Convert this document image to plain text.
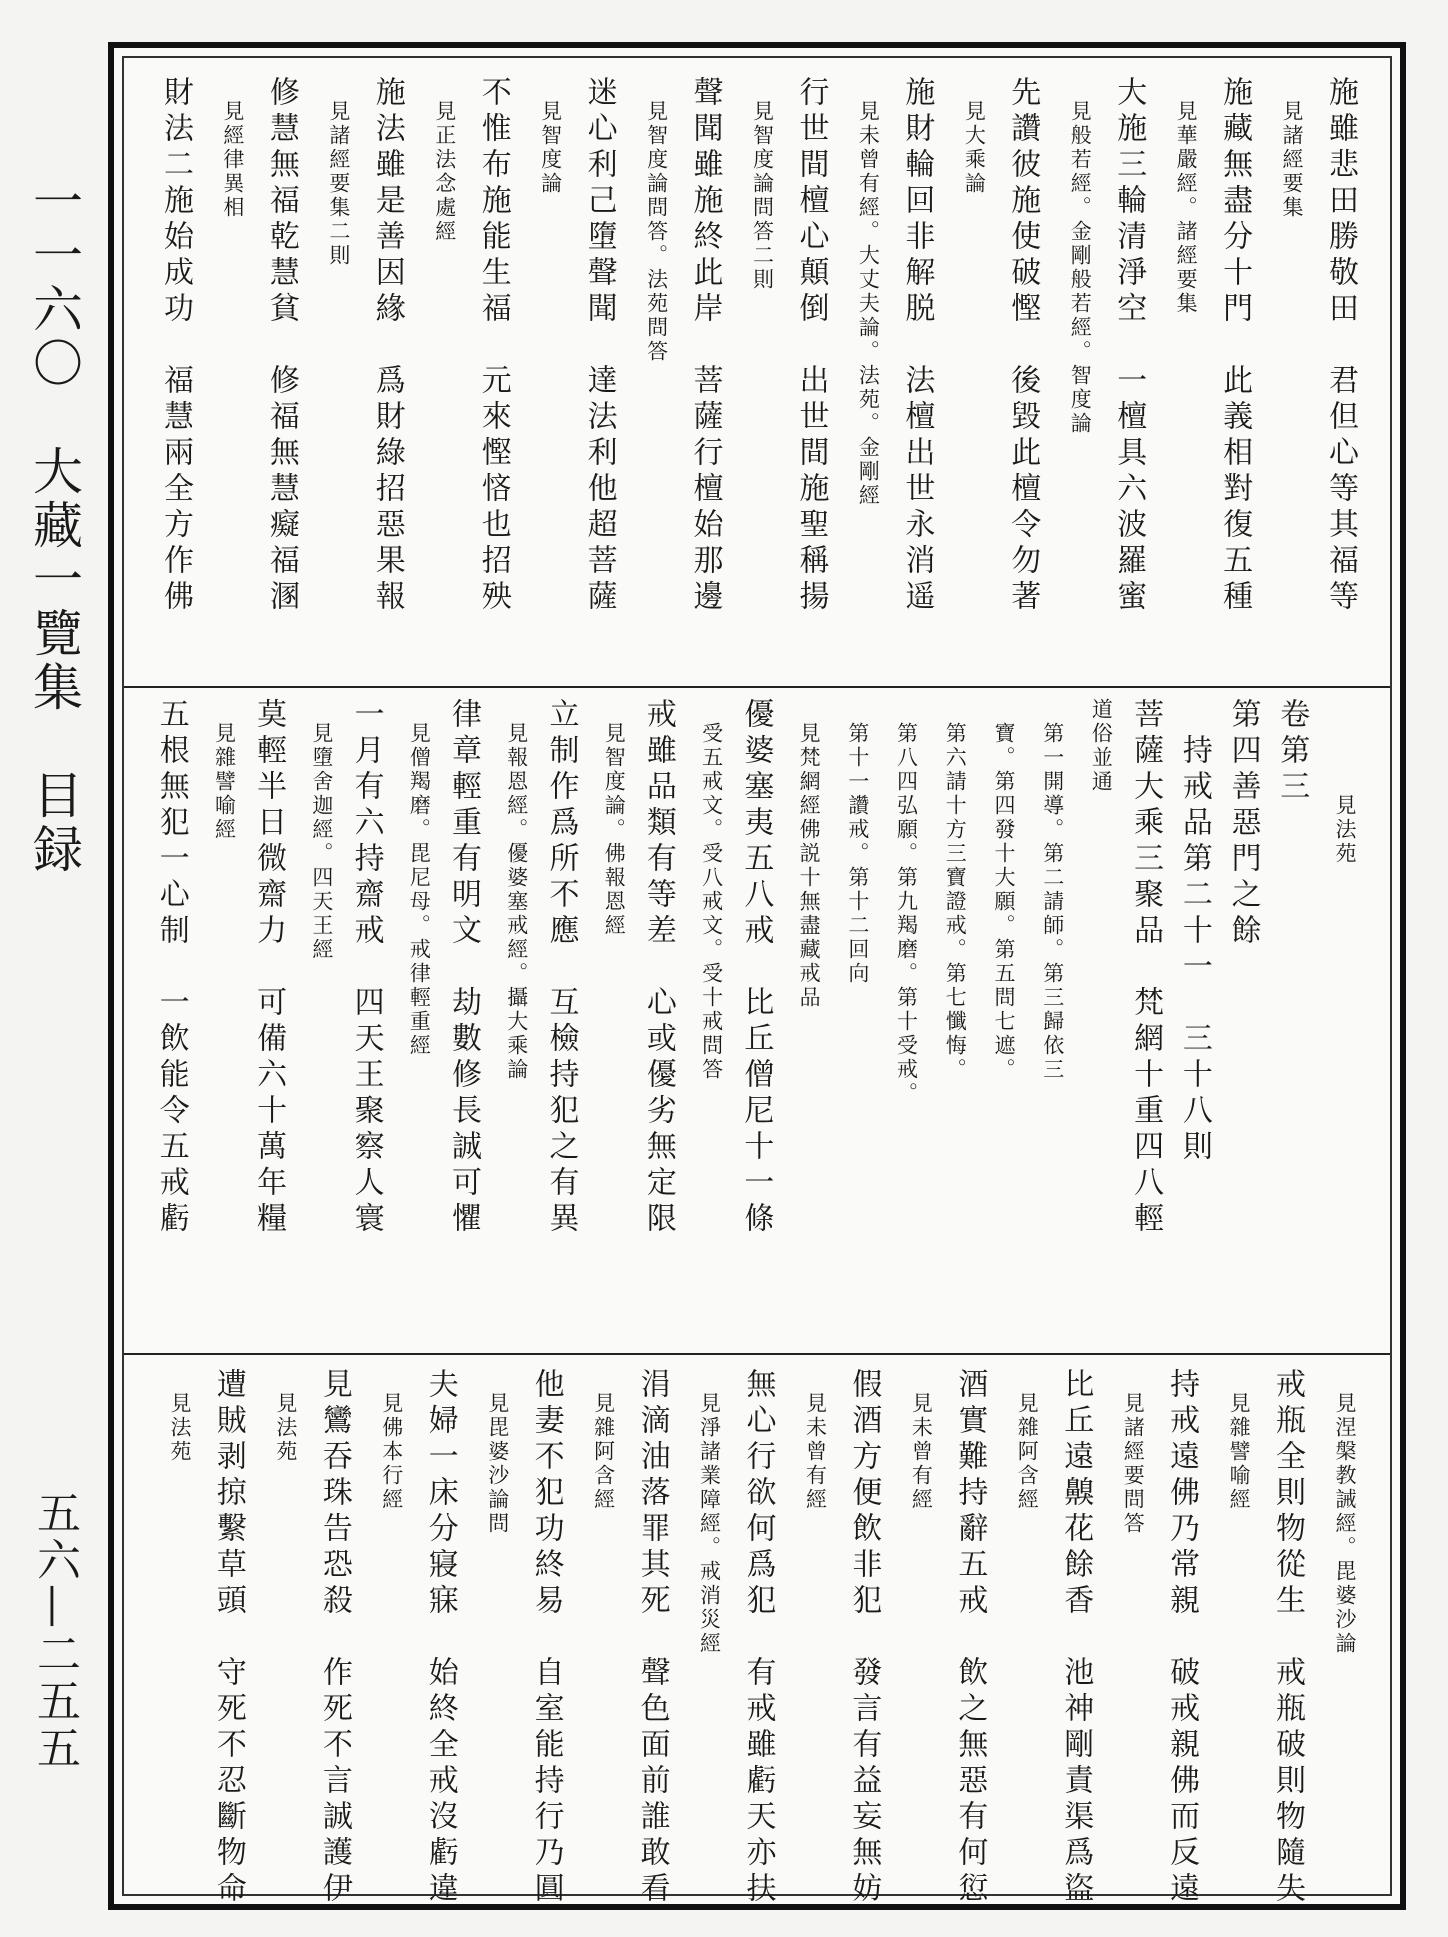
一一六〇　大藏一覽集　目録
五六—二五五
施雖悲田勝敬田　君但心等其福等
　見諸經要集
施藏無盡分十門　此義相對復五種
　見華嚴經。諸經要集
大施三輪清淨空　一檀具六波羅蜜
　見般若經。金剛般若經。智度論
先讚彼施使破慳　後毀此檀令勿著
　見大乘論
施財輪回非解脱　法檀出世永消遥
　見未曾有經。大丈夫論。法苑。金剛經
行世間檀心顛倒　出世間施聖稱揚
　見智度論問答二則
聲聞雖施終此岸　菩薩行檀始那邊
　見智度論問答。法苑問答
迷心利己墮聲聞　達法利他超菩薩
　見智度論
不惟布施能生福　元來慳悋也招殃
　見正法念處經
施法雖是善因緣　爲財綠招惡果報
　見諸經要集二則
修慧無福乾慧貧　修福無慧癡福溷
　見經律異相
財法二施始成功　福慧兩全方作佛
　　　　見法苑
卷第三
第四善惡門之餘
　持戒品第二十一　三十八則
菩薩大乘三聚品　梵網十重四八輕
道俗並通
　第一開導。第二請師。第三歸依三
　寶。第四發十大願。第五問七遮。
　第六請十方三寶證戒。第七懺悔。
　第八四弘願。第九羯磨。第十受戒。
　第十一讚戒。第十二回向
　見梵網經佛説十無盡藏戒品
優婆塞夷五八戒　比丘僧尼十一條
　受五戒文。受八戒文。受十戒問答
戒雖品類有等差　心或優劣無定限
　見智度論。佛報恩經
立制作爲所不應　互檢持犯之有異
　見報恩經。優婆塞戒經。攝大乘論
律章輕重有明文　劫數修長誠可懼
　見僧羯磨。毘尼母。戒律輕重經
一月有六持齋戒　四天王聚察人寰
　見墮舍迦經。四天王經
莫輕半日微齋力　可備六十萬年糧
　見雜譬喻經
五根無犯一心制　一飲能令五戒虧
　見涅槃教誡經。毘婆沙論
戒瓶全則物從生　戒瓶破則物隨失
　見雜譬喻經
持戒遠佛乃常親　破戒親佛而反遠
　見諸經要問答
比丘遠齅花餘香　池神剛責渠爲盜
　見雜阿含經
酒實難持辭五戒　飲之無惡有何愆
　見未曾有經
假酒方便飲非犯　發言有益妄無妨
　見未曾有經
無心行欲何爲犯　有戒雖虧天亦扶
　見淨諸業障經。戒消災經
涓滴油落罪其死　聲色面前誰敢看
　見雜阿含經
他妻不犯功終易　自室能持行乃圓
　見毘婆沙論問
夫婦一床分寢寐　始終全戒沒虧違
　見佛本行經
見鸞吞珠告恐殺　作死不言誠護伊
　見法苑
遭賊剥掠繫草頭　守死不忍斷物命
　見法苑
